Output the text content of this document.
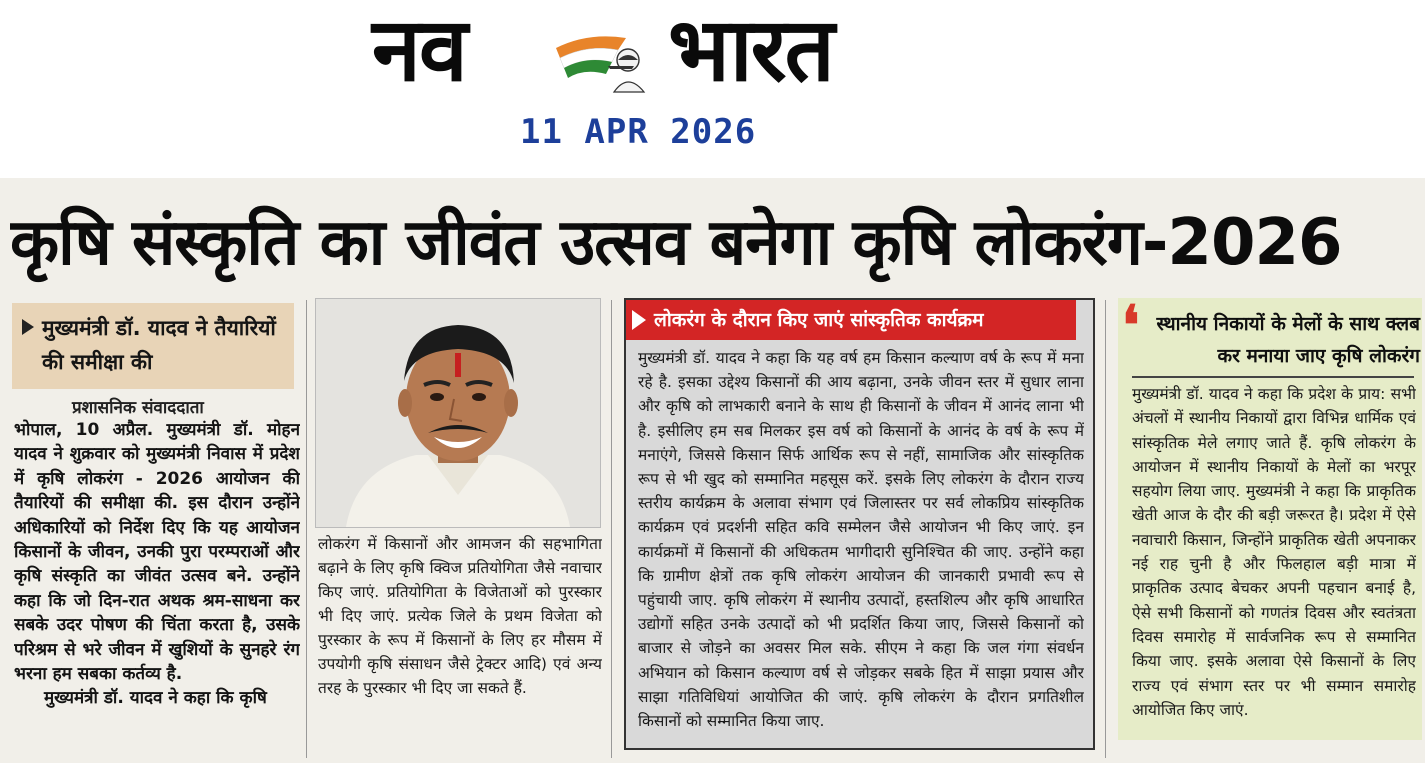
नव भारत
11 APR 2026
कृषि संस्कृति का जीवंत उत्सव बनेगा कृषि लोकरंग-2026
मुख्यमंत्री डॉ. यादव ने तैयारियों की समीक्षा की
प्रशासनिक संवाददाता
भोपाल, 10 अप्रैल. मुख्यमंत्री डॉ. मोहन यादव ने शुक्रवार को मुख्यमंत्री निवास में प्रदेश में कृषि लोकरंग - 2026 आयोजन की तैयारियों की समीक्षा की. इस दौरान उन्होंने अधिकारियों को निर्देश दिए कि यह आयोजन किसानों के जीवन, उनकी पुरा परम्पराओं और कृषि संस्कृति का जीवंत उत्सव बने. उन्होंने कहा कि जो दिन-रात अथक श्रम-साधना कर सबके उदर पोषण की चिंता करता है, उसके परिश्रम से भरे जीवन में खुशियों के सुनहरे रंग भरना हम सबका कर्तव्य है.
मुख्यमंत्री डॉ. यादव ने कहा कि कृषि
लोकरंग में किसानों और आमजन की सहभागिता बढ़ाने के लिए कृषि क्विज प्रतियोगिता जैसे नवाचार किए जाएं. प्रतियोगिता के विजेताओं को पुरस्कार भी दिए जाएं. प्रत्येक जिले के प्रथम विजेता को पुरस्कार के रूप में किसानों के लिए हर मौसम में उपयोगी कृषि संसाधन जैसे ट्रेक्टर आदि) एवं अन्य तरह के पुरस्कार भी दिए जा सकते हैं.
लोकरंग के दौरान किए जाएं सांस्कृतिक कार्यक्रम
मुख्यमंत्री डॉ. यादव ने कहा कि यह वर्ष हम किसान कल्याण वर्ष के रूप में मना रहे है. इसका उद्देश्य किसानों की आय बढ़ाना, उनके जीवन स्तर में सुधार लाना और कृषि को लाभकारी बनाने के साथ ही किसानों के जीवन में आनंद लाना भी है. इसीलिए हम सब मिलकर इस वर्ष को किसानों के आनंद के वर्ष के रूप में मनाएंगे, जिससे किसान सिर्फ आर्थिक रूप से नहीं, सामाजिक और सांस्कृतिक रूप से भी खुद को सम्मानित महसूस करें. इसके लिए लोकरंग के दौरान राज्य स्तरीय कार्यक्रम के अलावा संभाग एवं जिलास्तर पर सर्व लोकप्रिय सांस्कृतिक कार्यक्रम एवं प्रदर्शनी सहित कवि सम्मेलन जैसे आयोजन भी किए जाएं. इन कार्यक्रमों में किसानों की अधिकतम भागीदारी सुनिश्चित की जाए. उन्होंने कहा कि ग्रामीण क्षेत्रों तक कृषि लोकरंग आयोजन की जानकारी प्रभावी रूप से पहुंचायी जाए. कृषि लोकरंग में स्थानीय उत्पादों, हस्तशिल्प और कृषि आधारित उद्योगों सहित उनके उत्पादों को भी प्रदर्शित किया जाए, जिससे किसानों को बाजार से जोड़ने का अवसर मिल सके. सीएम ने कहा कि जल गंगा संवर्धन अभियान को किसान कल्याण वर्ष से जोड़कर सबके हित में साझा प्रयास और साझा गतिविधियां आयोजित की जाएं. कृषि लोकरंग के दौरान प्रगतिशील किसानों को सम्मानित किया जाए.
❛ स्थानीय निकायों के मेलों के साथ क्लब कर मनाया जाए कृषि लोकरंग
मुख्यमंत्री डॉ. यादव ने कहा कि प्रदेश के प्राय: सभी अंचलों में स्थानीय निकायों द्वारा विभिन्न धार्मिक एवं सांस्कृतिक मेले लगाए जाते हैं. कृषि लोकरंग के आयोजन में स्थानीय निकायों के मेलों का भरपूर सहयोग लिया जाए. मुख्यमंत्री ने कहा कि प्राकृतिक खेती आज के दौर की बड़ी जरूरत है। प्रदेश में ऐसे नवाचारी किसान, जिन्होंने प्राकृतिक खेती अपनाकर नई राह चुनी है और फिलहाल बड़ी मात्रा में प्राकृतिक उत्पाद बेचकर अपनी पहचान बनाई है, ऐसे सभी किसानों को गणतंत्र दिवस और स्वतंत्रता दिवस समारोह में सार्वजनिक रूप से सम्मानित किया जाए. इसके अलावा ऐसे किसानों के लिए राज्य एवं संभाग स्तर पर भी सम्मान समारोह आयोजित किए जाएं.
